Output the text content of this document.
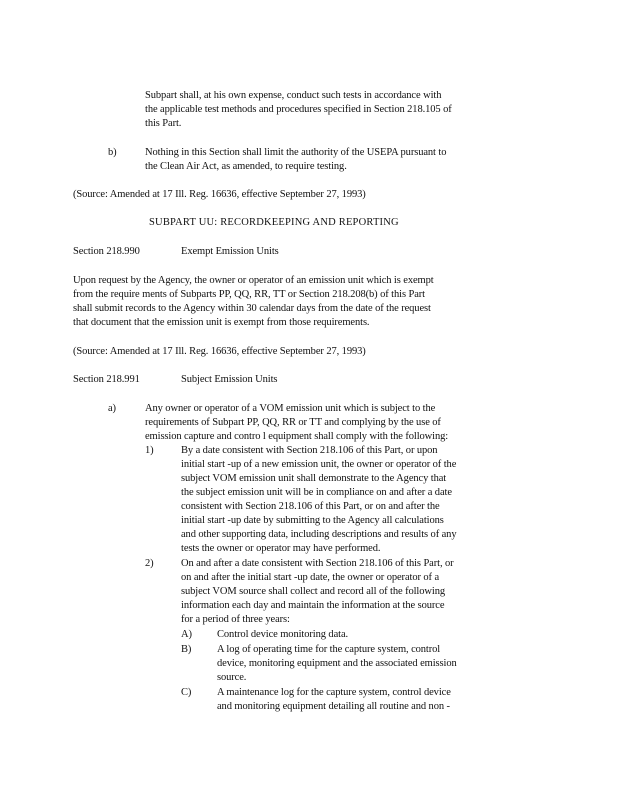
Subpart shall, at his own expense, conduct such tests in accordance with
the applicable test methods and procedures specified in Section 218.105 of
this Part.
b)	Nothing in this Section shall limit the authority of the USEPA pursuant to
the Clean Air Act, as amended, to require testing.
(Source: Amended at 17 Ill. Reg. 16636, effective September 27, 1993)
SUBPART UU: RECORDKEEPING AND REPORTING
Section 218.990	Exempt Emission Units
Upon request by the Agency, the owner or operator of an emission unit which is exempt
from the require ments of Subparts PP, QQ, RR, TT or Section 218.208(b) of this Part
shall submit records to the Agency within 30 calendar days from the date of the request
that document that the emission unit is exempt from those requirements.
(Source: Amended at 17 Ill. Reg. 16636, effective September 27, 1993)
Section 218.991	Subject Emission Units
a)	Any owner or operator of a VOM emission unit which is subject to the
requirements of Subpart PP, QQ, RR or TT and complying by the use of
emission capture and contro l equipment shall comply with the following:
1)	By a date consistent with Section 218.106 of this Part, or upon
initial start -up of a new emission unit, the owner or operator of the
subject VOM emission unit shall demonstrate to the Agency that
the subject emission unit will be in compliance on and after a date
consistent with Section 218.106 of this Part, or on and after the
initial start -up date by submitting to the Agency all calculations
and other supporting data, including descriptions and results of any
tests the owner or operator may have performed.
2)	On and after a date consistent with Section 218.106 of this Part, or
on and after the initial start -up date, the owner or operator of a
subject VOM source shall collect and record all of the following
information each day and maintain the information at the source
for a period of three years:
A) Control device monitoring data.
B) A log of operating time for the capture system, control
device, monitoring equipment and the associated emission
source.
C) A maintenance log for the capture system, control device
and monitoring equipment detailing all routine and non -
